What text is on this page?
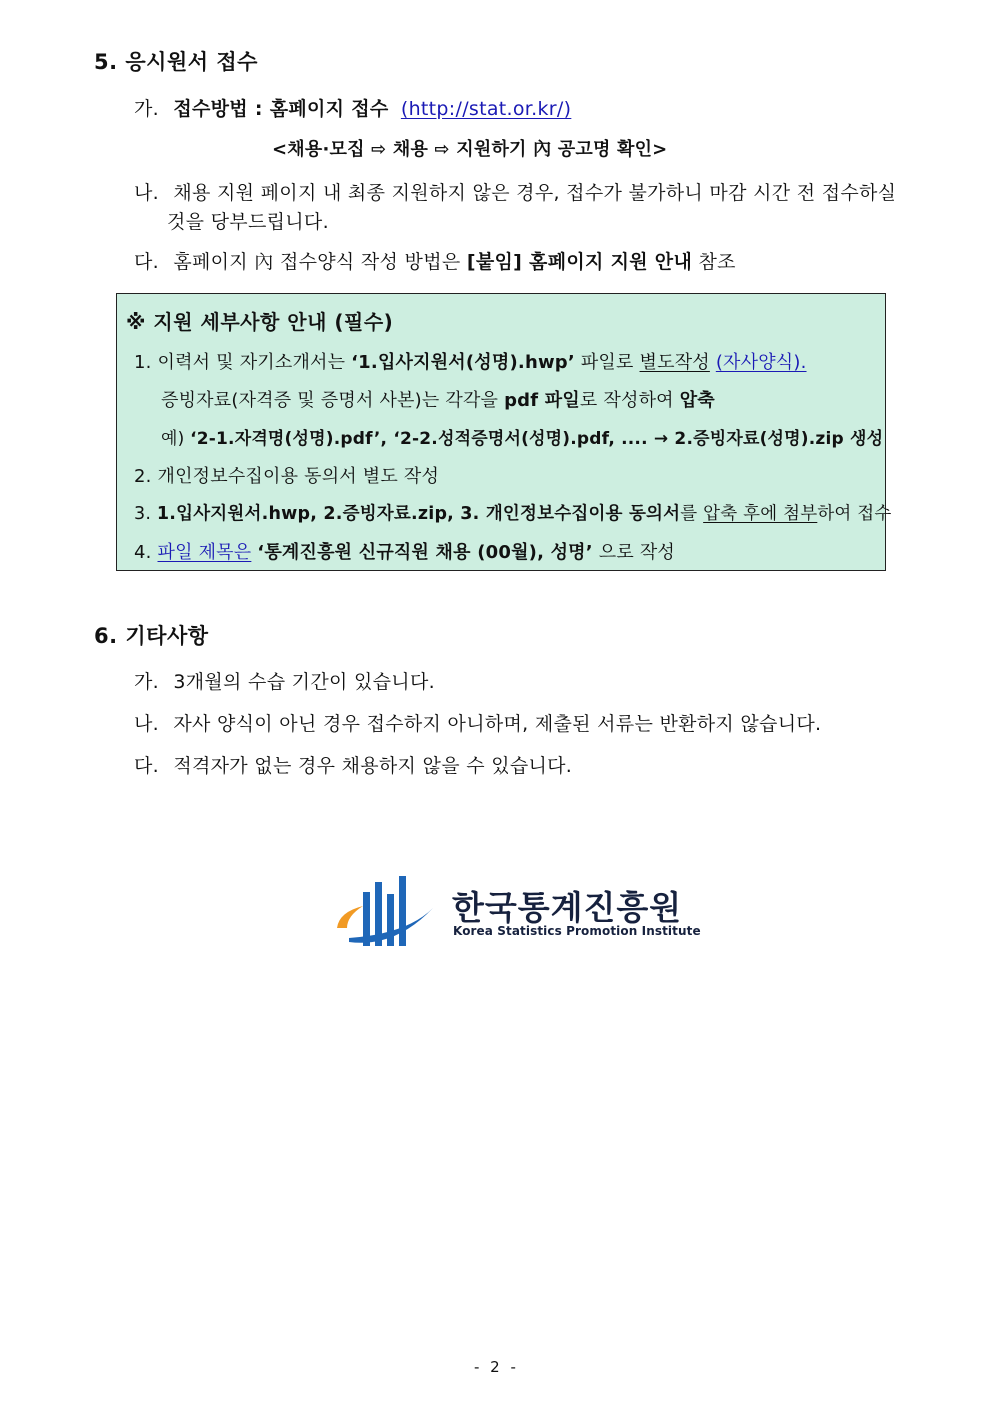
5. 응시원서 접수
가. 접수방법 : 홈페이지 접수 (http://stat.or.kr/)
<채용·모집 ⇨ 채용 ⇨ 지원하기 內 공고명 확인>
나. 채용 지원 페이지 내 최종 지원하지 않은 경우, 접수가 불가하니 마감 시간 전 접수하실
것을 당부드립니다.
다. 홈페이지 內 접수양식 작성 방법은 [붙임] 홈페이지 지원 안내 참조
※ 지원 세부사항 안내 (필수)
1. 이력서 및 자기소개서는 ‘1.입사지원서(성명).hwp’ 파일로 별도작성 (자사양식).
증빙자료(자격증 및 증명서 사본)는 각각을 pdf 파일로 작성하여 압축
예) ‘2-1.자격명(성명).pdf’, ‘2-2.성적증명서(성명).pdf, .... → 2.증빙자료(성명).zip 생성
2. 개인정보수집이용 동의서 별도 작성
3. 1.입사지원서.hwp, 2.증빙자료.zip, 3. 개인정보수집이용 동의서를 압축 후에 첨부하여 접수
4. 파일 제목은 ‘통계진흥원 신규직원 채용 (00월), 성명’ 으로 작성
6. 기타사항
가. 3개월의 수습 기간이 있습니다.
나. 자사 양식이 아닌 경우 접수하지 아니하며, 제출된 서류는 반환하지 않습니다.
다. 적격자가 없는 경우 채용하지 않을 수 있습니다.
한국통계진흥원
Korea Statistics Promotion Institute
- 2 -
